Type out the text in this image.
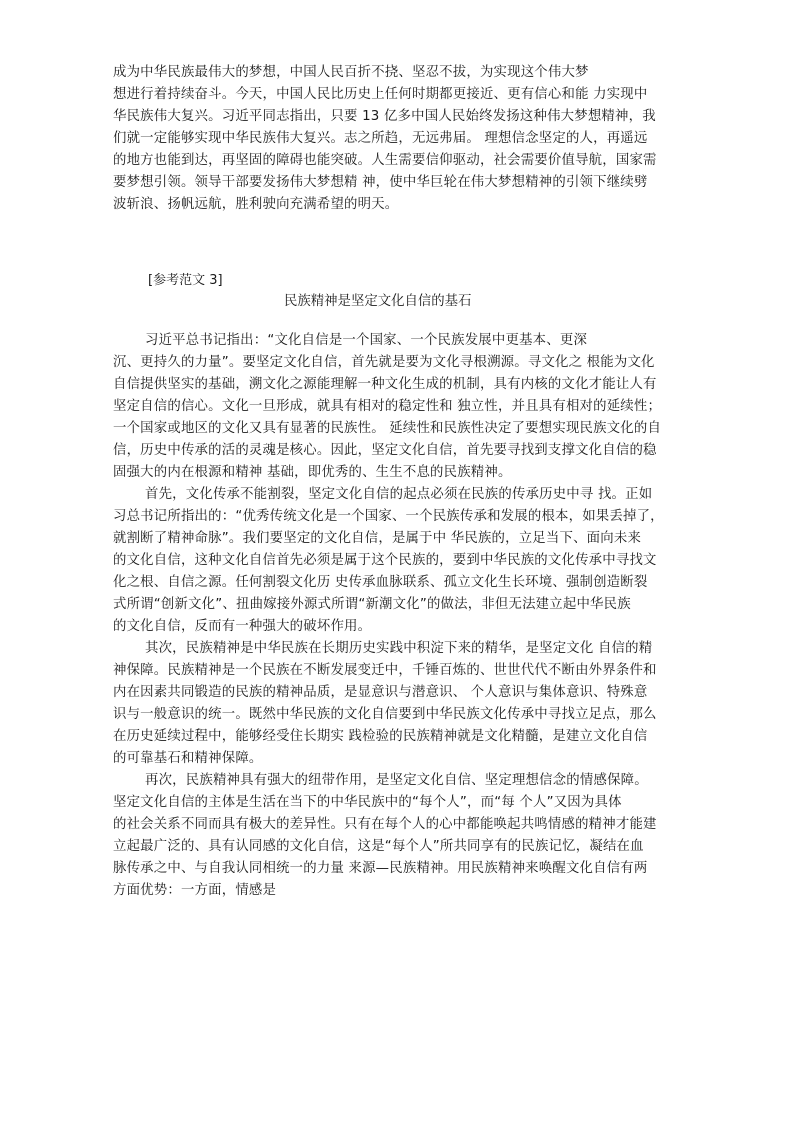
成为中华民族最伟大的梦想，中国人民百折不挠、坚忍不拔，为实现这个伟大梦
想进行着持续奋斗。今天，中国人民比历史上任何时期都更接近、更有信心和能 力实现中
华民族伟大复兴。习近平同志指出，只要 13 亿多中国人民始终发扬这种伟大梦想精神，我
们就一定能够实现中华民族伟大复兴。志之所趋，无远弗届。 理想信念坚定的人，再遥远
的地方也能到达，再坚固的障碍也能突破。人生需要信仰驱动，社会需要价值导航，国家需
要梦想引领。领导干部要发扬伟大梦想精 神，使中华巨轮在伟大梦想精神的引领下继续劈
波斩浪、扬帆远航，胜利驶向充满希望的明天。
[参考范文 3]
民族精神是坚定文化自信的基石
习近平总书记指出：“文化自信是一个国家、一个民族发展中更基本、更深
沉、更持久的力量”。要坚定文化自信，首先就是要为文化寻根溯源。寻文化之 根能为文化
自信提供坚实的基础，溯文化之源能理解一种文化生成的机制，具有内核的文化才能让人有
坚定自信的信心。文化一旦形成，就具有相对的稳定性和 独立性，并且具有相对的延续性；
一个国家或地区的文化又具有显著的民族性。 延续性和民族性决定了要想实现民族文化的自
信，历史中传承的活的灵魂是核心。因此，坚定文化自信，首先要寻找到支撑文化自信的稳
固强大的内在根源和精神 基础，即优秀的、生生不息的民族精神。
首先，文化传承不能割裂，坚定文化自信的起点必须在民族的传承历史中寻 找。正如
习总书记所指出的：“优秀传统文化是一个国家、一个民族传承和发展的根本，如果丢掉了，
就割断了精神命脉”。我们要坚定的文化自信，是属于中 华民族的，立足当下、面向未来
的文化自信，这种文化自信首先必须是属于这个民族的，要到中华民族的文化传承中寻找文
化之根、自信之源。任何割裂文化历 史传承血脉联系、孤立文化生长环境、强制创造断裂
式所谓“创新文化”、扭曲嫁接外源式所谓“新潮文化”的做法，非但无法建立起中华民族
的文化自信，反而有一种强大的破坏作用。
其次，民族精神是中华民族在长期历史实践中积淀下来的精华，是坚定文化 自信的精
神保障。民族精神是一个民族在不断发展变迁中，千锤百炼的、世世代代不断由外界条件和
内在因素共同锻造的民族的精神品质，是显意识与潜意识、 个人意识与集体意识、特殊意
识与一般意识的统一。既然中华民族的文化自信要到中华民族文化传承中寻找立足点，那么
在历史延续过程中，能够经受住长期实 践检验的民族精神就是文化精髓，是建立文化自信
的可靠基石和精神保障。
再次，民族精神具有强大的纽带作用，是坚定文化自信、坚定理想信念的情感保障。
坚定文化自信的主体是生活在当下的中华民族中的“每个人”，而“每 个人”又因为具体
的社会关系不同而具有极大的差异性。只有在每个人的心中都能唤起共鸣情感的精神才能建
立起最广泛的、具有认同感的文化自信，这是“每个人”所共同享有的民族记忆，凝结在血
脉传承之中、与自我认同相统一的力量 来源—民族精神。用民族精神来唤醒文化自信有两
方面优势：一方面，情感是
